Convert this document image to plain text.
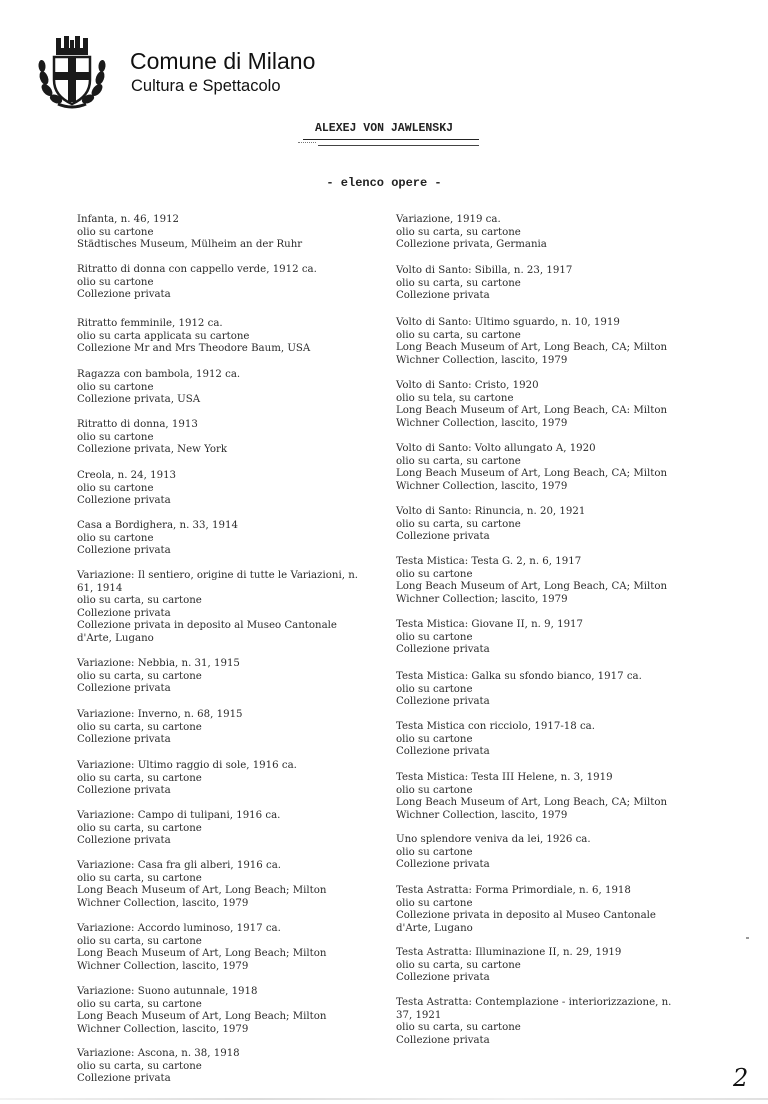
Comune di Milano
Cultura e Spettacolo
ALEXEJ VON JAWLENSKJ
- elenco opere -
Infanta, n. 46, 1912
olio su cartone
Städtisches Museum, Mülheim an der Ruhr
Ritratto di donna con cappello verde, 1912 ca.
olio su cartone
Collezione privata
Ritratto femminile, 1912 ca.
olio su carta applicata su cartone
Collezione Mr and Mrs Theodore Baum, USA
Ragazza con bambola, 1912 ca.
olio su cartone
Collezione privata, USA
Ritratto di donna, 1913
olio su cartone
Collezione privata, New York
Creola, n. 24, 1913
olio su cartone
Collezione privata
Casa a Bordighera, n. 33, 1914
olio su cartone
Collezione privata
Variazione: Il sentiero, origine di tutte le Variazioni, n.
61, 1914
olio su carta, su cartone
Collezione privata
Collezione privata in deposito al Museo Cantonale
d'Arte, Lugano
Variazione: Nebbia, n. 31, 1915
olio su carta, su cartone
Collezione privata
Variazione: Inverno, n. 68, 1915
olio su carta, su cartone
Collezione privata
Variazione: Ultimo raggio di sole, 1916 ca.
olio su carta, su cartone
Collezione privata
Variazione: Campo di tulipani, 1916 ca.
olio su carta, su cartone
Collezione privata
Variazione: Casa fra gli alberi, 1916 ca.
olio su carta, su cartone
Long Beach Museum of Art, Long Beach; Milton
Wichner Collection, lascito, 1979
Variazione: Accordo luminoso, 1917 ca.
olio su carta, su cartone
Long Beach Museum of Art, Long Beach; Milton
Wichner Collection, lascito, 1979
Variazione: Suono autunnale, 1918
olio su carta, su cartone
Long Beach Museum of Art, Long Beach; Milton
Wichner Collection, lascito, 1979
Variazione: Ascona, n. 38, 1918
olio su carta, su cartone
Collezione privata
Variazione, 1919 ca.
olio su carta, su cartone
Collezione privata, Germania
Volto di Santo: Sibilla, n. 23, 1917
olio su carta, su cartone
Collezione privata
Volto di Santo: Ultimo sguardo, n. 10, 1919
olio su carta, su cartone
Long Beach Museum of Art, Long Beach, CA; Milton
Wichner Collection, lascito, 1979
Volto di Santo: Cristo, 1920
olio su tela, su cartone
Long Beach Museum of Art, Long Beach, CA: Milton
Wichner Collection, lascito, 1979
Volto di Santo: Volto allungato A, 1920
olio su carta, su cartone
Long Beach Museum of Art, Long Beach, CA; Milton
Wichner Collection, lascito, 1979
Volto di Santo: Rinuncia, n. 20, 1921
olio su carta, su cartone
Collezione privata
Testa Mistica: Testa G. 2, n. 6, 1917
olio su cartone
Long Beach Museum of Art, Long Beach, CA; Milton
Wichner Collection; lascito, 1979
Testa Mistica: Giovane II, n. 9, 1917
olio su cartone
Collezione privata
Testa Mistica: Galka su sfondo bianco, 1917 ca.
olio su cartone
Collezione privata
Testa Mistica con ricciolo, 1917-18 ca.
olio su cartone
Collezione privata
Testa Mistica: Testa III Helene, n. 3, 1919
olio su cartone
Long Beach Museum of Art, Long Beach, CA; Milton
Wichner Collection, lascito, 1979
Uno splendore veniva da lei, 1926 ca.
olio su cartone
Collezione privata
Testa Astratta: Forma Primordiale, n. 6, 1918
olio su cartone
Collezione privata in deposito al Museo Cantonale
d'Arte, Lugano
Testa Astratta: Illuminazione II, n. 29, 1919
olio su carta, su cartone
Collezione privata
Testa Astratta: Contemplazione - interiorizzazione, n.
37, 1921
olio su carta, su cartone
Collezione privata
2
